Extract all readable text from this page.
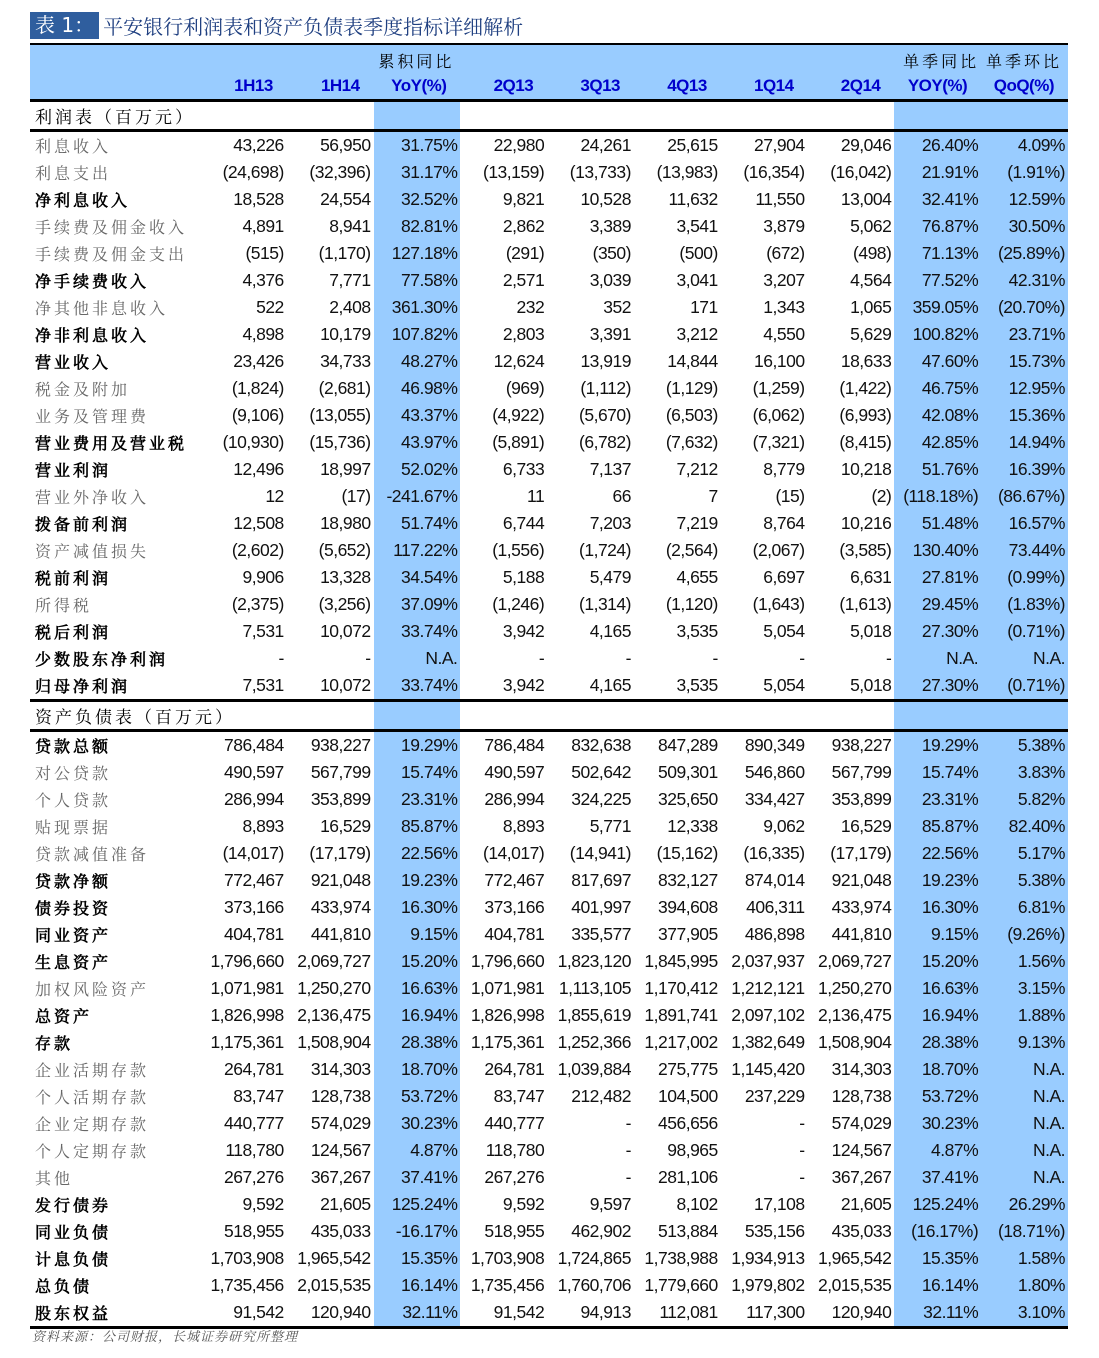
表 1： 平安银行利润表和资产负债表季度指标详细解析
			累积同比						单季同比	单季环比
	1H13	1H14	YoY(%)	2Q13	3Q13	4Q13	1Q14	2Q14	YOY(%)	QoQ(%)
利润表（百万元）										
利息收入	43,226	56,950	31.75%	22,980	24,261	25,615	27,904	29,046	26.40%	4.09%
利息支出	(24,698)	(32,396)	31.17%	(13,159)	(13,733)	(13,983)	(16,354)	(16,042)	21.91%	(1.91%)
净利息收入	18,528	24,554	32.52%	9,821	10,528	11,632	11,550	13,004	32.41%	12.59%
手续费及佣金收入	4,891	8,941	82.81%	2,862	3,389	3,541	3,879	5,062	76.87%	30.50%
手续费及佣金支出	(515)	(1,170)	127.18%	(291)	(350)	(500)	(672)	(498)	71.13%	(25.89%)
净手续费收入	4,376	7,771	77.58%	2,571	3,039	3,041	3,207	4,564	77.52%	42.31%
净其他非息收入	522	2,408	361.30%	232	352	171	1,343	1,065	359.05%	(20.70%)
净非利息收入	4,898	10,179	107.82%	2,803	3,391	3,212	4,550	5,629	100.82%	23.71%
营业收入	23,426	34,733	48.27%	12,624	13,919	14,844	16,100	18,633	47.60%	15.73%
税金及附加	(1,824)	(2,681)	46.98%	(969)	(1,112)	(1,129)	(1,259)	(1,422)	46.75%	12.95%
业务及管理费	(9,106)	(13,055)	43.37%	(4,922)	(5,670)	(6,503)	(6,062)	(6,993)	42.08%	15.36%
营业费用及营业税	(10,930)	(15,736)	43.97%	(5,891)	(6,782)	(7,632)	(7,321)	(8,415)	42.85%	14.94%
营业利润	12,496	18,997	52.02%	6,733	7,137	7,212	8,779	10,218	51.76%	16.39%
营业外净收入	12	(17)	-241.67%	11	66	7	(15)	(2)	(118.18%)	(86.67%)
拨备前利润	12,508	18,980	51.74%	6,744	7,203	7,219	8,764	10,216	51.48%	16.57%
资产减值损失	(2,602)	(5,652)	117.22%	(1,556)	(1,724)	(2,564)	(2,067)	(3,585)	130.40%	73.44%
税前利润	9,906	13,328	34.54%	5,188	5,479	4,655	6,697	6,631	27.81%	(0.99%)
所得税	(2,375)	(3,256)	37.09%	(1,246)	(1,314)	(1,120)	(1,643)	(1,613)	29.45%	(1.83%)
税后利润	7,531	10,072	33.74%	3,942	4,165	3,535	5,054	5,018	27.30%	(0.71%)
少数股东净利润	-	-	N.A.	-	-	-	-	-	N.A.	N.A.
归母净利润	7,531	10,072	33.74%	3,942	4,165	3,535	5,054	5,018	27.30%	(0.71%)
资产负债表（百万元）										
贷款总额	786,484	938,227	19.29%	786,484	832,638	847,289	890,349	938,227	19.29%	5.38%
对公贷款	490,597	567,799	15.74%	490,597	502,642	509,301	546,860	567,799	15.74%	3.83%
个人贷款	286,994	353,899	23.31%	286,994	324,225	325,650	334,427	353,899	23.31%	5.82%
贴现票据	8,893	16,529	85.87%	8,893	5,771	12,338	9,062	16,529	85.87%	82.40%
贷款减值准备	(14,017)	(17,179)	22.56%	(14,017)	(14,941)	(15,162)	(16,335)	(17,179)	22.56%	5.17%
贷款净额	772,467	921,048	19.23%	772,467	817,697	832,127	874,014	921,048	19.23%	5.38%
债券投资	373,166	433,974	16.30%	373,166	401,997	394,608	406,311	433,974	16.30%	6.81%
同业资产	404,781	441,810	9.15%	404,781	335,577	377,905	486,898	441,810	9.15%	(9.26%)
生息资产	1,796,660	2,069,727	15.20%	1,796,660	1,823,120	1,845,995	2,037,937	2,069,727	15.20%	1.56%
加权风险资产	1,071,981	1,250,270	16.63%	1,071,981	1,113,105	1,170,412	1,212,121	1,250,270	16.63%	3.15%
总资产	1,826,998	2,136,475	16.94%	1,826,998	1,855,619	1,891,741	2,097,102	2,136,475	16.94%	1.88%
存款	1,175,361	1,508,904	28.38%	1,175,361	1,252,366	1,217,002	1,382,649	1,508,904	28.38%	9.13%
企业活期存款	264,781	314,303	18.70%	264,781	1,039,884	275,775	1,145,420	314,303	18.70%	N.A.
个人活期存款	83,747	128,738	53.72%	83,747	212,482	104,500	237,229	128,738	53.72%	N.A.
企业定期存款	440,777	574,029	30.23%	440,777	-	456,656	-	574,029	30.23%	N.A.
个人定期存款	118,780	124,567	4.87%	118,780	-	98,965	-	124,567	4.87%	N.A.
其他	267,276	367,267	37.41%	267,276	-	281,106	-	367,267	37.41%	N.A.
发行债券	9,592	21,605	125.24%	9,592	9,597	8,102	17,108	21,605	125.24%	26.29%
同业负债	518,955	435,033	-16.17%	518,955	462,902	513,884	535,156	435,033	(16.17%)	(18.71%)
计息负债	1,703,908	1,965,542	15.35%	1,703,908	1,724,865	1,738,988	1,934,913	1,965,542	15.35%	1.58%
总负债	1,735,456	2,015,535	16.14%	1,735,456	1,760,706	1,779,660	1,979,802	2,015,535	16.14%	1.80%
股东权益	91,542	120,940	32.11%	91,542	94,913	112,081	117,300	120,940	32.11%	3.10%
资料来源：公司财报，长城证券研究所整理
